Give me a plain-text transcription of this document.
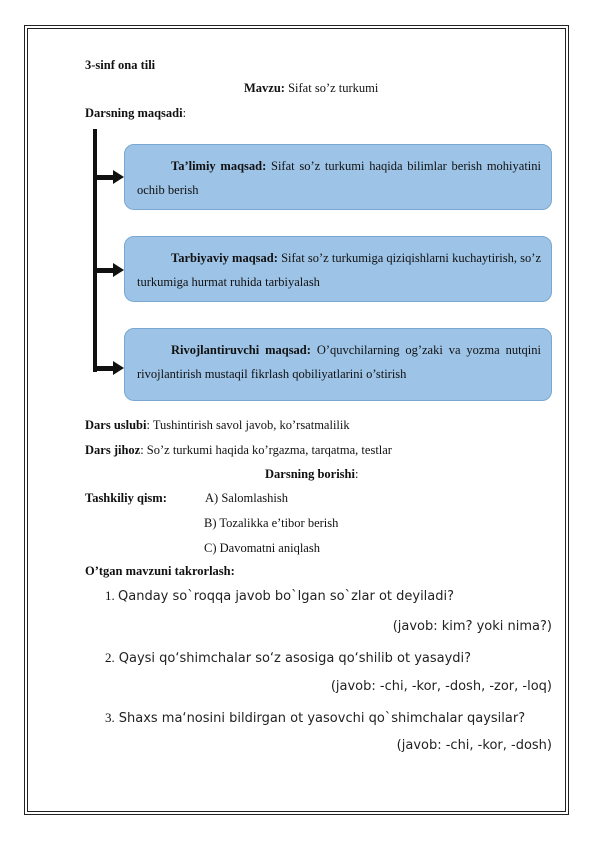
3-sinf ona tili
Mavzu: Sifat so’z turkumi
Darsning maqsadi:
Ta’limiy maqsad: Sifat so’z turkumi haqida bilimlar berish mohiyatini ochib berish
Tarbiyaviy maqsad: Sifat so’z turkumiga qiziqishlarni kuchaytirish, so’z turkumiga hurmat ruhida tarbiyalash
Rivojlantiruvchi maqsad: O’quvchilarning og’zaki va yozma nutqini rivojlantirish mustaqil fikrlash qobiliyatlarini o’stirish
Dars uslubi: Tushintirish savol javob, ko’rsatmalilik
Dars jihoz: So’z turkumi haqida ko’rgazma, tarqatma, testlar
Darsning borishi:
Tashkiliy qism:	A) Salomlashish
B) Tozalikka e’tibor berish
C) Davomatni aniqlash
O’tgan mavzuni takrorlash:
1. Qanday so`roqqa javob bo`lgan so`zlar ot deyiladi?
(javob: kim? yoki nima?)
2. Qaysi qo‘shimchalar so‘z asosiga qo‘shilib ot yasaydi?
(javob: -chi, -kor, -dosh, -zor, -loq)
3. Shaxs ma‘nosini bildirgan ot yasovchi qo`shimchalar qaysilar?
(javob: -chi, -kor, -dosh)
